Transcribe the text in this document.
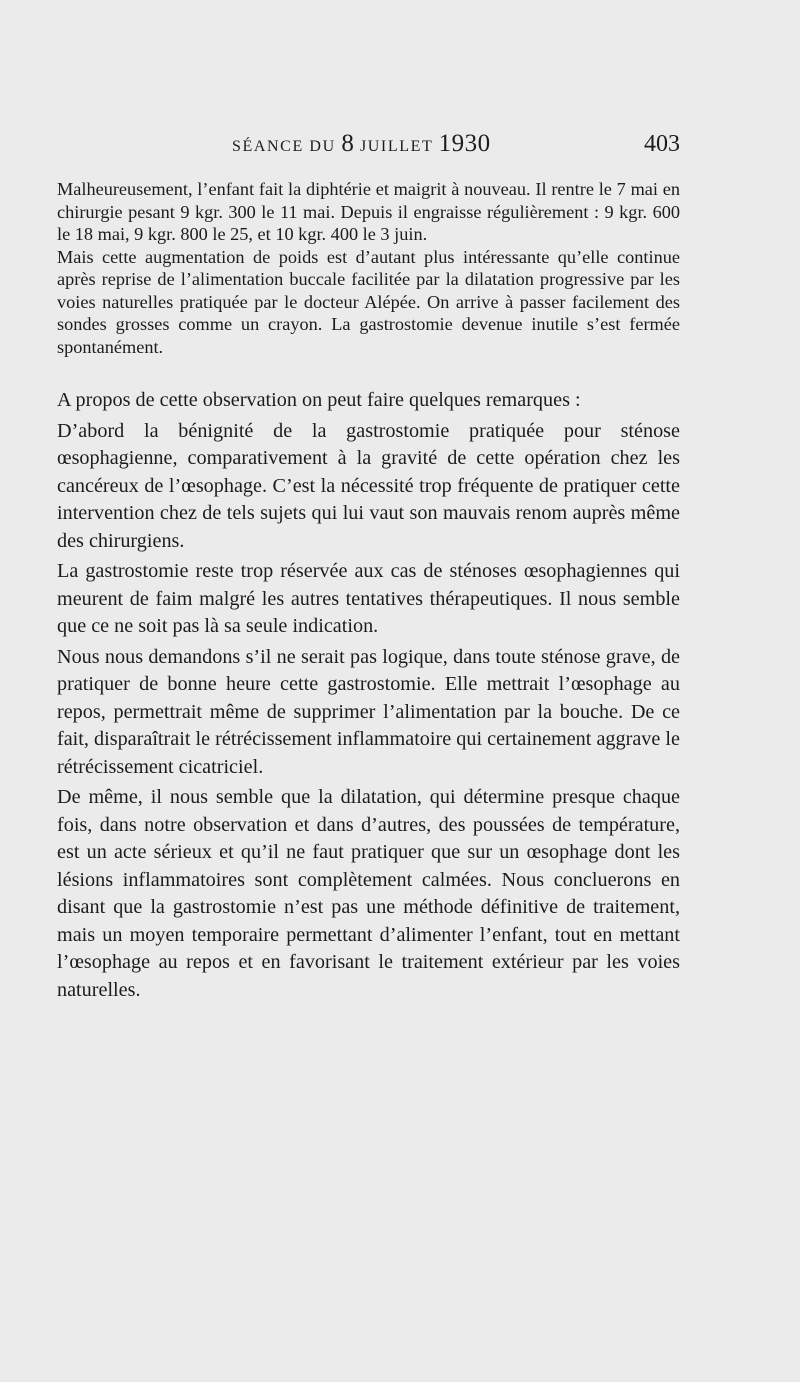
SÉANCE DU 8 JUILLET 1930	403

Malheureusement, l’enfant fait la diphtérie et maigrit à nouveau. Il rentre le 7 mai en chirurgie pesant 9 kgr. 300 le 11 mai. Depuis il engraisse régulièrement : 9 kgr. 600 le 18 mai, 9 kgr. 800 le 25, et 10 kgr. 400 le 3 juin.

Mais cette augmentation de poids est d’autant plus intéressante qu’elle continue après reprise de l’alimentation buccale facilitée par la dilatation progressive par les voies naturelles pratiquée par le docteur Alépée. On arrive à passer facilement des sondes grosses comme un crayon. La gastrostomie devenue inutile s’est fermée spontanément.

A propos de cette observation on peut faire quelques remarques :

D’abord la bénignité de la gastrostomie pratiquée pour sténose œsophagienne, comparativement à la gravité de cette opération chez les cancéreux de l’œsophage. C’est la nécessité trop fréquente de pratiquer cette intervention chez de tels sujets qui lui vaut son mauvais renom auprès même des chirurgiens.

La gastrostomie reste trop réservée aux cas de sténoses œsophagiennes qui meurent de faim malgré les autres tentatives thérapeutiques. Il nous semble que ce ne soit pas là sa seule indication.

Nous nous demandons s’il ne serait pas logique, dans toute sténose grave, de pratiquer de bonne heure cette gastrostomie. Elle mettrait l’œsophage au repos, permettrait même de supprimer l’alimentation par la bouche. De ce fait, disparaîtrait le rétrécissement inflammatoire qui certainement aggrave le rétrécissement cicatriciel.

De même, il nous semble que la dilatation, qui détermine presque chaque fois, dans notre observation et dans d’autres, des poussées de température, est un acte sérieux et qu’il ne faut pratiquer que sur un œsophage dont les lésions inflammatoires sont complètement calmées. Nous concluerons en disant que la gastrostomie n’est pas une méthode définitive de traitement, mais un moyen temporaire permettant d’alimenter l’enfant, tout en mettant l’œsophage au repos et en favorisant le traitement extérieur par les voies naturelles.
